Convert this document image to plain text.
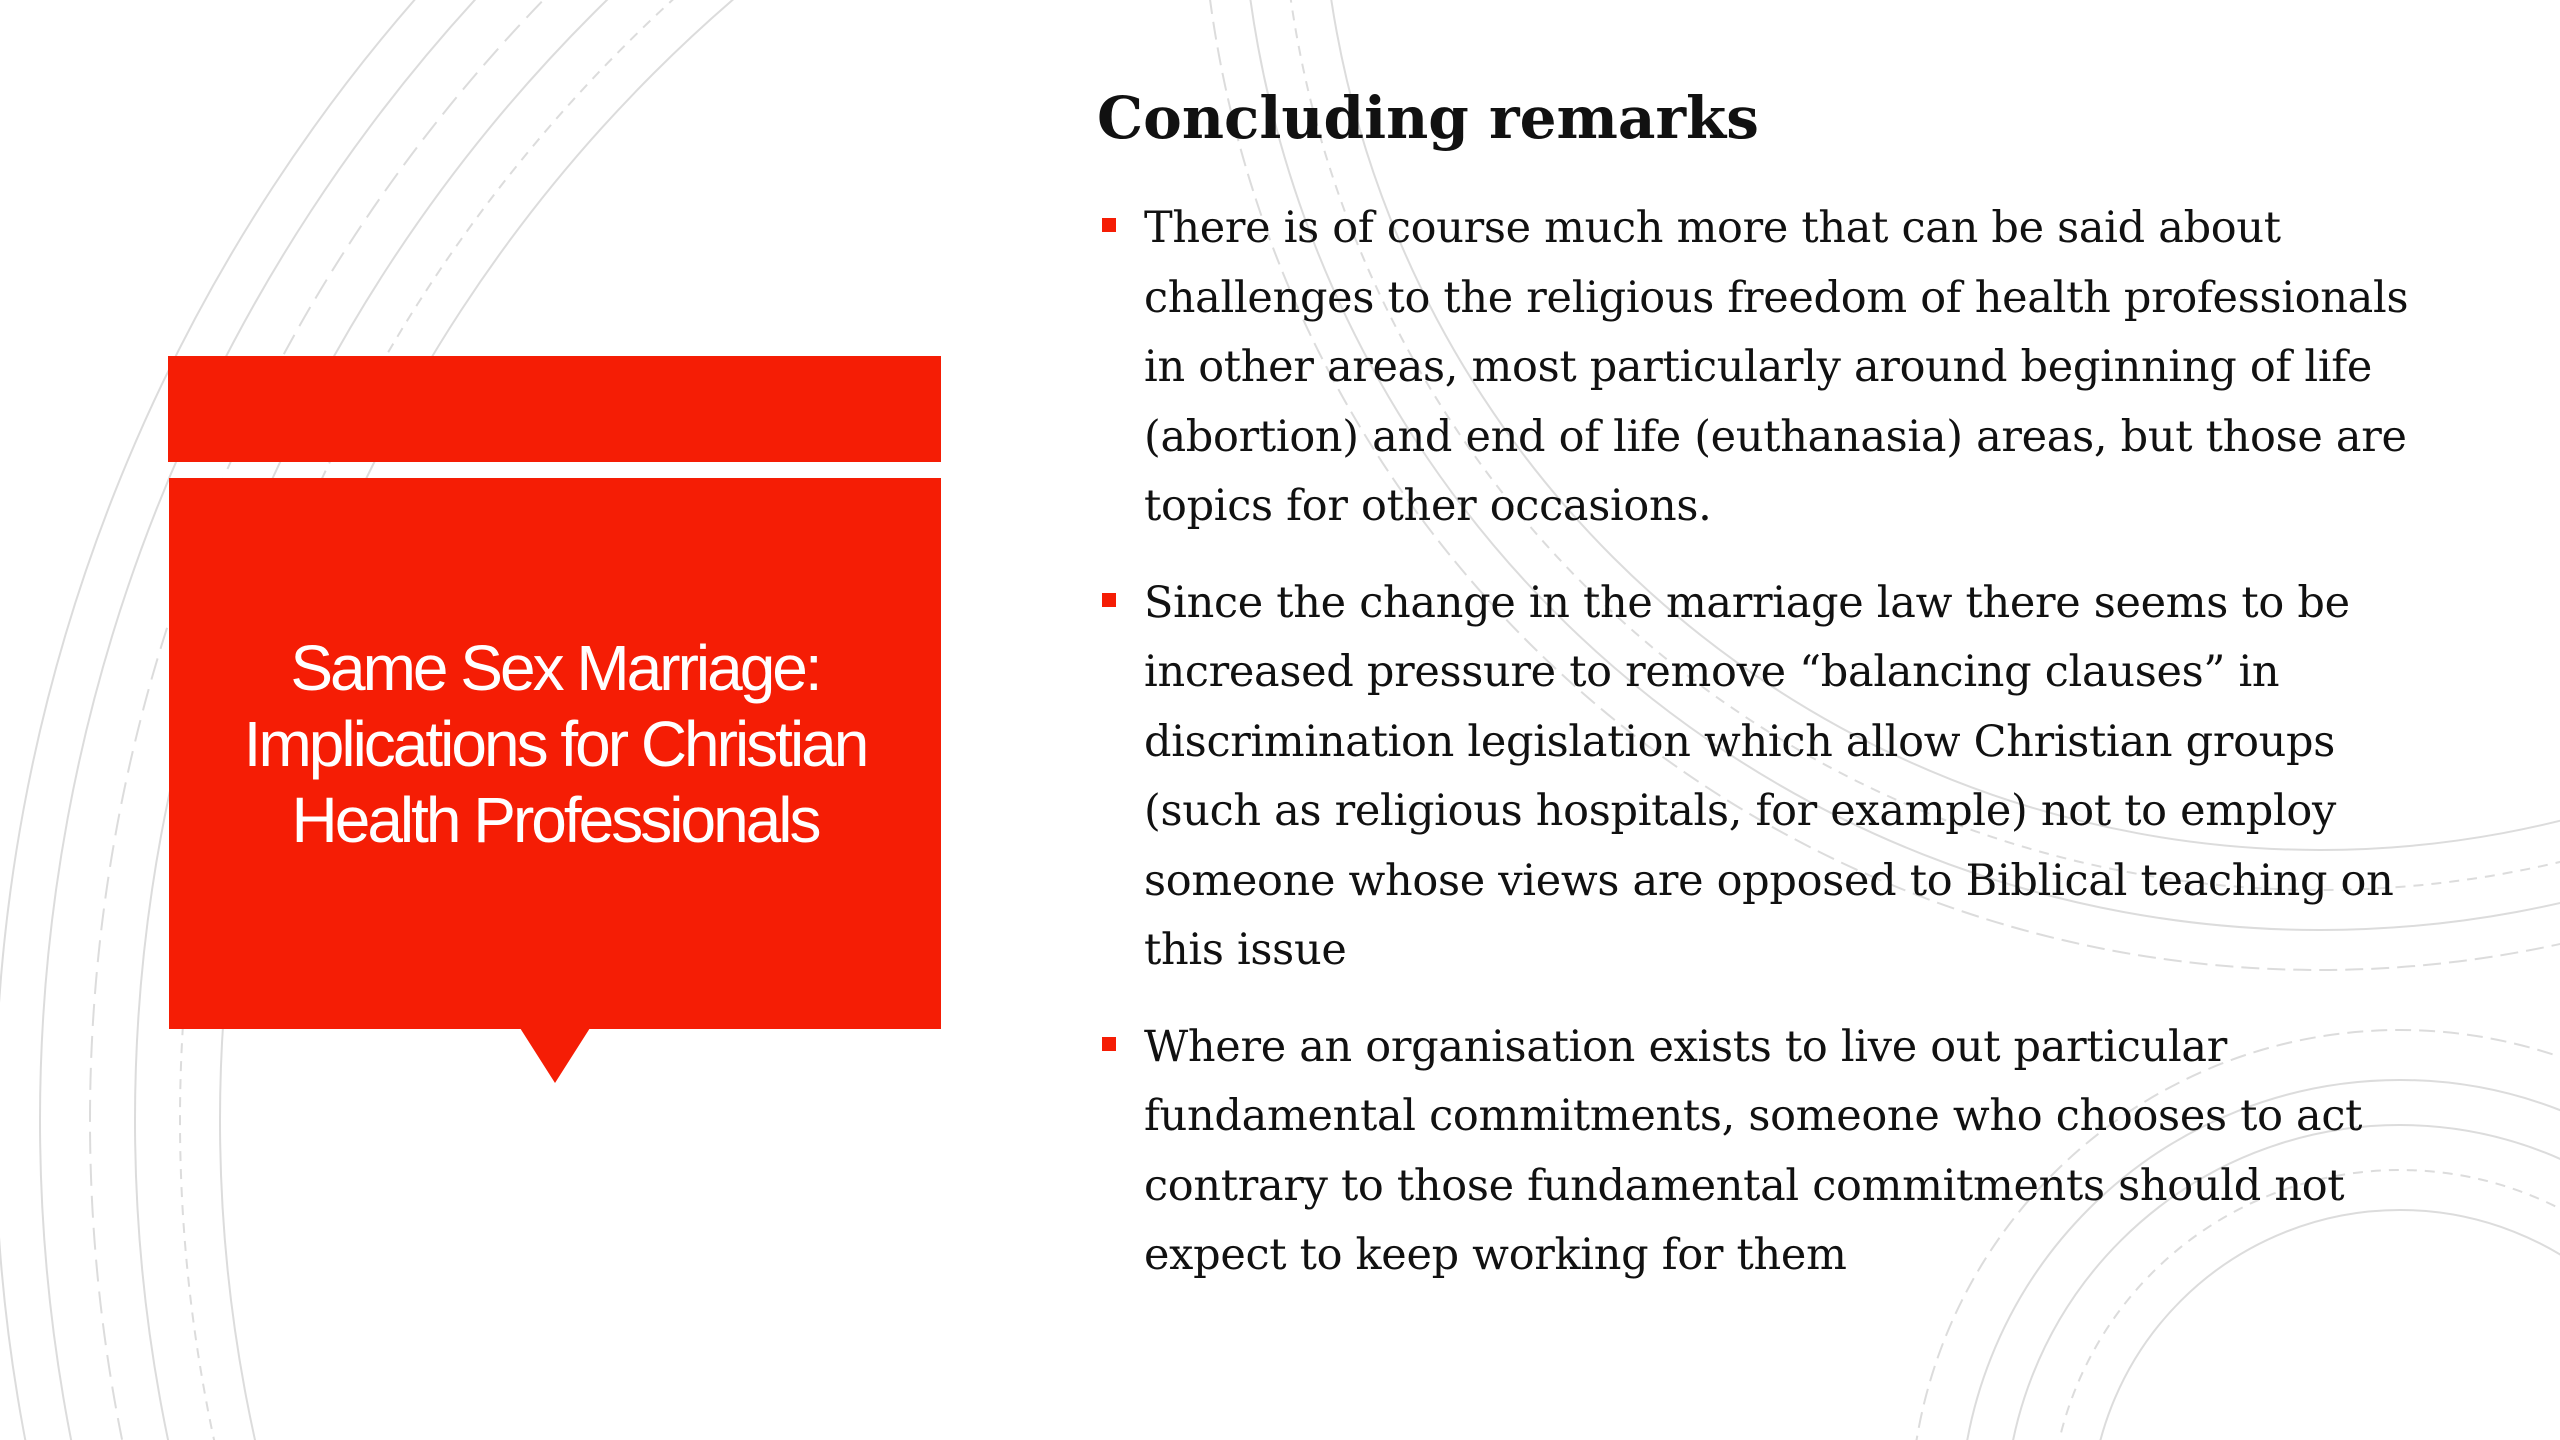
Same Sex Marriage: Implications for Christian Health Professionals
Concluding remarks
There is of course much more that can be said about challenges to the religious freedom of health professionals in other areas, most particularly around beginning of life (abortion) and end of life (euthanasia) areas, but those are topics for other occasions.
Since the change in the marriage law there seems to be increased pressure to remove “balancing clauses” in discrimination legislation which allow Christian groups (such as religious hospitals, for example) not to employ someone whose views are opposed to Biblical teaching on this issue
Where an organisation exists to live out particular fundamental commitments, someone who chooses to act contrary to those fundamental commitments should not expect to keep working for them
